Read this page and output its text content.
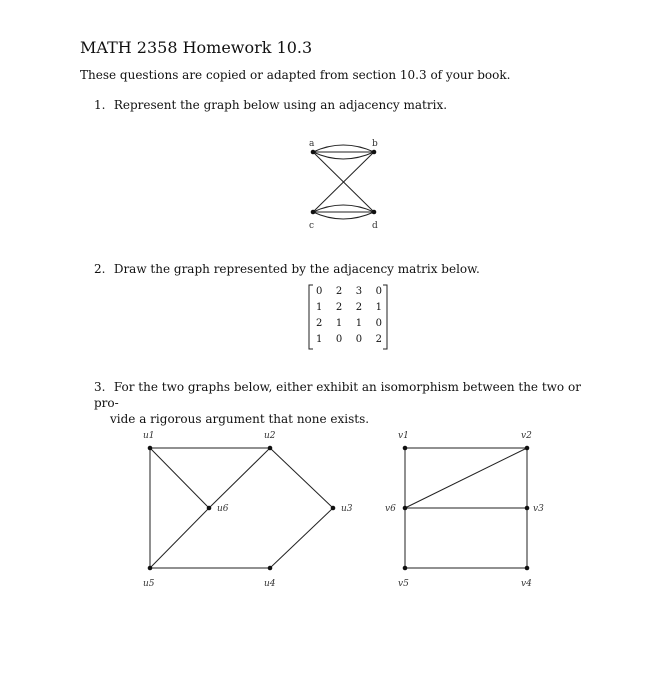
MATH 2358 Homework 10.3
These questions are copied or adapted from section 10.3 of your book.
1. Represent the graph below using an adjacency matrix.
a	b
c	d
u1	u2
u3
u4
u5
u6
v1	v2
v3
v4
v5
v6
2. Draw the graph represented by the adjacency matrix below.
0 2 3 0
1 2 2 1
2 1 1 0
1 0 0 2
3. For the two graphs below, either exhibit an isomorphism between the two or pro-
vide a rigorous argument that none exists.
